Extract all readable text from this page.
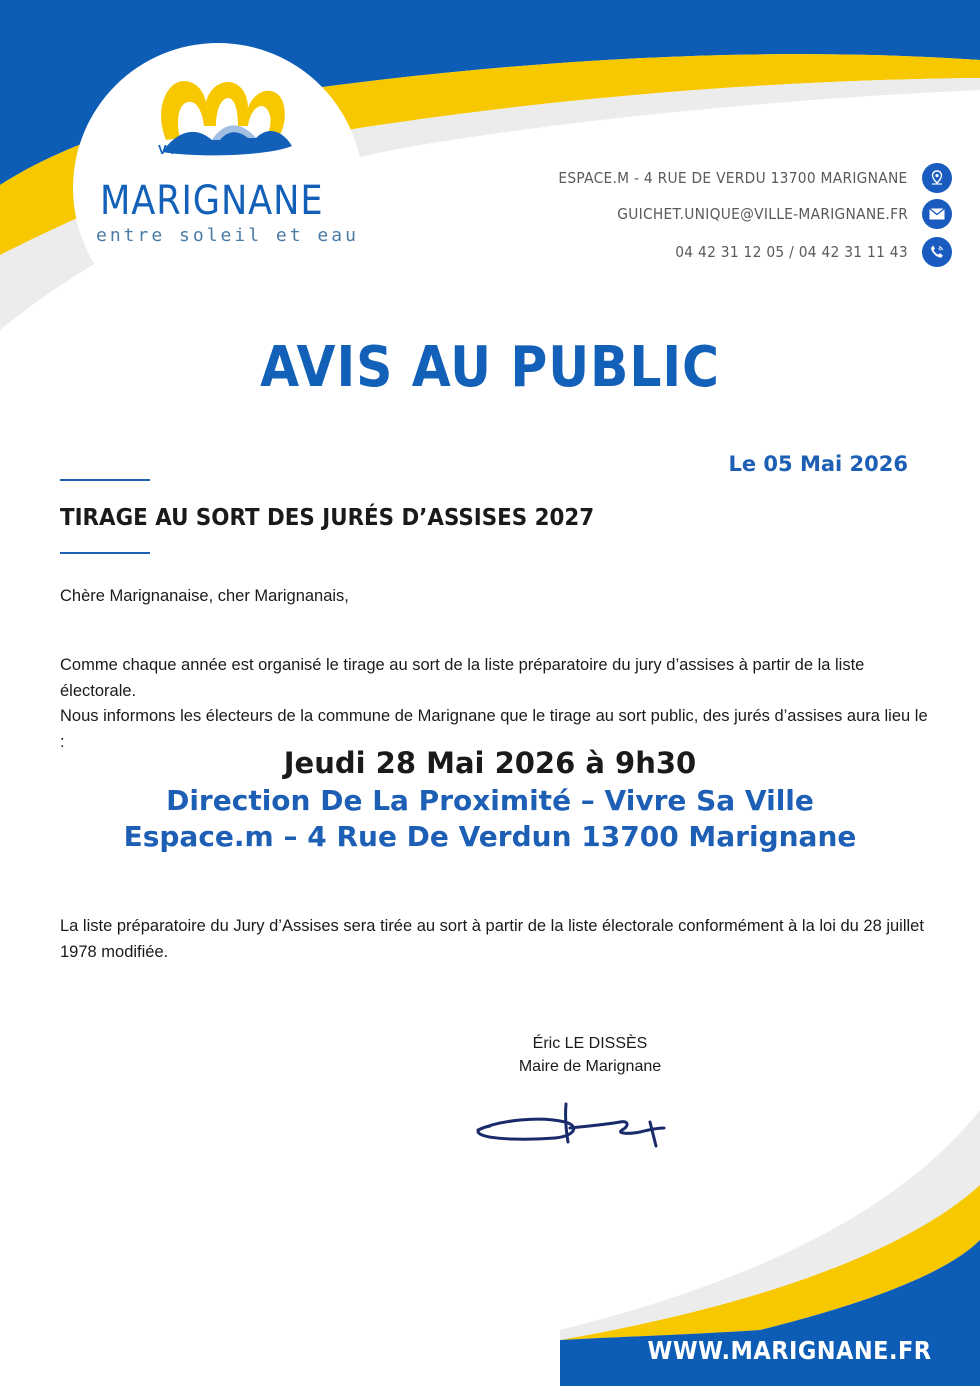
VILLE DE
MARIGNANE
entre soleil et eau
ESPACE.M - 4 RUE DE VERDU 13700 MARIGNANE
GUICHET.UNIQUE@VILLE-MARIGNANE.FR
04 42 31 12 05 / 04 42 31 11 43
AVIS AU PUBLIC
Le 05 Mai 2026
TIRAGE AU SORT DES JURÉS D’ASSISES 2027
Chère Marignanaise, cher Marignanais,
Comme chaque année est organisé le tirage au sort de la liste préparatoire du jury d’assises à partir de la liste électorale.
Nous informons les électeurs de la commune de Marignane que le tirage au sort public, des jurés d’assises aura lieu le :
Jeudi 28 Mai 2026 à 9h30
Direction De La Proximité – Vivre Sa Ville
Espace.m – 4 Rue De Verdun 13700 Marignane
La liste préparatoire du Jury d’Assises sera tirée au sort à partir de la liste électorale conformément à la loi du 28 juillet 1978 modifiée.
Éric LE DISSÈS
Maire de Marignane
WWW.MARIGNANE.FR
